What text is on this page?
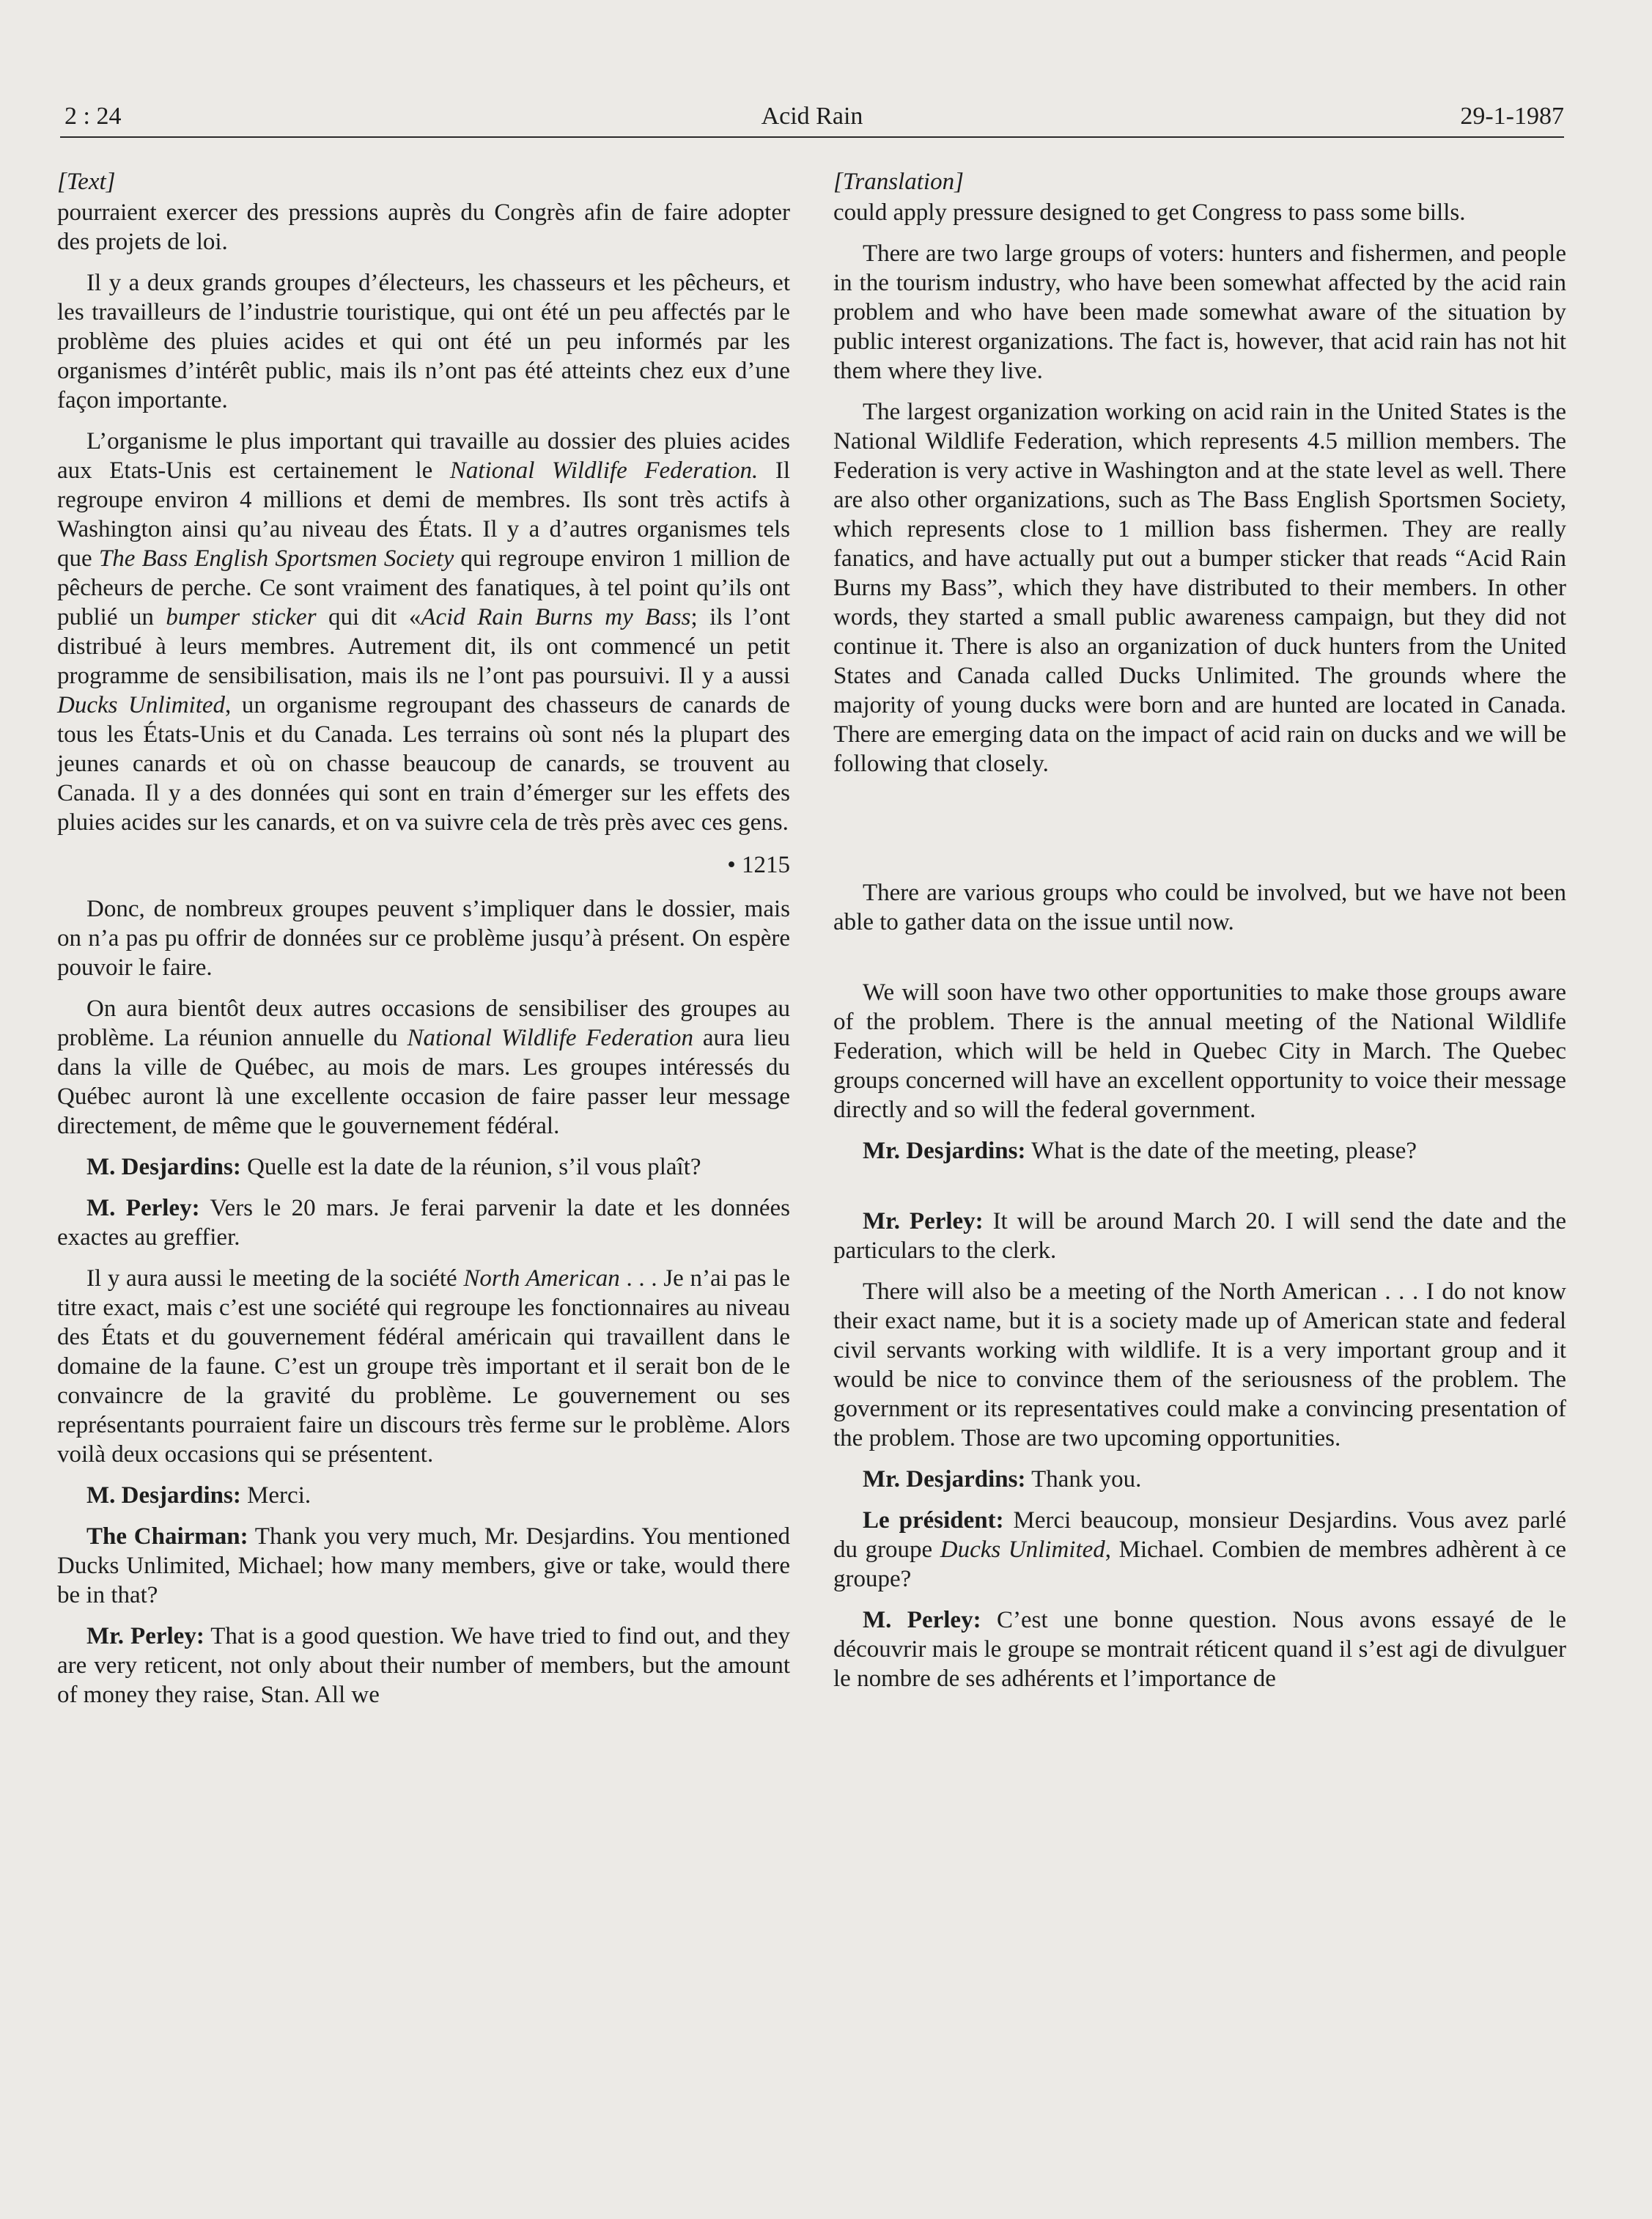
2 : 24	Acid Rain	29-1-1987

[Text]

pourraient exercer des pressions auprès du Congrès afin de faire adopter des projets de loi.

Il y a deux grands groupes d’électeurs, les chasseurs et les pêcheurs, et les travailleurs de l’industrie touristique, qui ont été un peu affectés par le problème des pluies acides et qui ont été un peu informés par les organismes d’intérêt public, mais ils n’ont pas été atteints chez eux d’une façon importante.

L’organisme le plus important qui travaille au dossier des pluies acides aux Etats-Unis est certainement le National Wildlife Federation. Il regroupe environ 4 millions et demi de membres. Ils sont très actifs à Washington ainsi qu’au niveau des États. Il y a d’autres organismes tels que The Bass English Sportsmen Society qui regroupe environ 1 million de pêcheurs de perche. Ce sont vraiment des fanatiques, à tel point qu’ils ont publié un bumper sticker qui dit «Acid Rain Burns my Bass; ils l’ont distribué à leurs membres. Autrement dit, ils ont commencé un petit programme de sensibilisation, mais ils ne l’ont pas poursuivi. Il y a aussi Ducks Unlimited, un organisme regroupant des chasseurs de canards de tous les États-Unis et du Canada. Les terrains où sont nés la plupart des jeunes canards et où on chasse beaucoup de canards, se trouvent au Canada. Il y a des données qui sont en train d’émerger sur les effets des pluies acides sur les canards, et on va suivre cela de très près avec ces gens.

• 1215

Donc, de nombreux groupes peuvent s’impliquer dans le dossier, mais on n’a pas pu offrir de données sur ce problème jusqu’à présent. On espère pouvoir le faire.

On aura bientôt deux autres occasions de sensibiliser des groupes au problème. La réunion annuelle du National Wildlife Federation aura lieu dans la ville de Québec, au mois de mars. Les groupes intéressés du Québec auront là une excellente occasion de faire passer leur message directement, de même que le gouvernement fédéral.

M. Desjardins: Quelle est la date de la réunion, s’il vous plaît?

M. Perley: Vers le 20 mars. Je ferai parvenir la date et les données exactes au greffier.

Il y aura aussi le meeting de la société North American . . . Je n’ai pas le titre exact, mais c’est une société qui regroupe les fonctionnaires au niveau des États et du gouvernement fédéral américain qui travaillent dans le domaine de la faune. C’est un groupe très important et il serait bon de le convaincre de la gravité du problème. Le gouvernement ou ses représentants pourraient faire un discours très ferme sur le problème. Alors voilà deux occasions qui se présentent.

M. Desjardins: Merci.

The Chairman: Thank you very much, Mr. Desjardins. You mentioned Ducks Unlimited, Michael; how many members, give or take, would there be in that?

Mr. Perley: That is a good question. We have tried to find out, and they are very reticent, not only about their number of members, but the amount of money they raise, Stan. All we

[Translation]

could apply pressure designed to get Congress to pass some bills.

There are two large groups of voters: hunters and fishermen, and people in the tourism industry, who have been somewhat affected by the acid rain problem and who have been made somewhat aware of the situation by public interest organizations. The fact is, however, that acid rain has not hit them where they live.

The largest organization working on acid rain in the United States is the National Wildlife Federation, which represents 4.5 million members. The Federation is very active in Washington and at the state level as well. There are also other organizations, such as The Bass English Sportsmen Society, which represents close to 1 million bass fishermen. They are really fanatics, and have actually put out a bumper sticker that reads “Acid Rain Burns my Bass”, which they have distributed to their members. In other words, they started a small public awareness campaign, but they did not continue it. There is also an organization of duck hunters from the United States and Canada called Ducks Unlimited. The grounds where the majority of young ducks were born and are hunted are located in Canada. There are emerging data on the impact of acid rain on ducks and we will be following that closely.

There are various groups who could be involved, but we have not been able to gather data on the issue until now.

We will soon have two other opportunities to make those groups aware of the problem. There is the annual meeting of the National Wildlife Federation, which will be held in Quebec City in March. The Quebec groups concerned will have an excellent opportunity to voice their message directly and so will the federal government.

Mr. Desjardins: What is the date of the meeting, please?

Mr. Perley: It will be around March 20. I will send the date and the particulars to the clerk.

There will also be a meeting of the North American . . . I do not know their exact name, but it is a society made up of American state and federal civil servants working with wildlife. It is a very important group and it would be nice to convince them of the seriousness of the problem. The government or its representatives could make a convincing presentation of the problem. Those are two upcoming opportunities.

Mr. Desjardins: Thank you.

Le président: Merci beaucoup, monsieur Desjardins. Vous avez parlé du groupe Ducks Unlimited, Michael. Combien de membres adhèrent à ce groupe?

M. Perley: C’est une bonne question. Nous avons essayé de le découvrir mais le groupe se montrait réticent quand il s’est agi de divulguer le nombre de ses adhérents et l’importance de
